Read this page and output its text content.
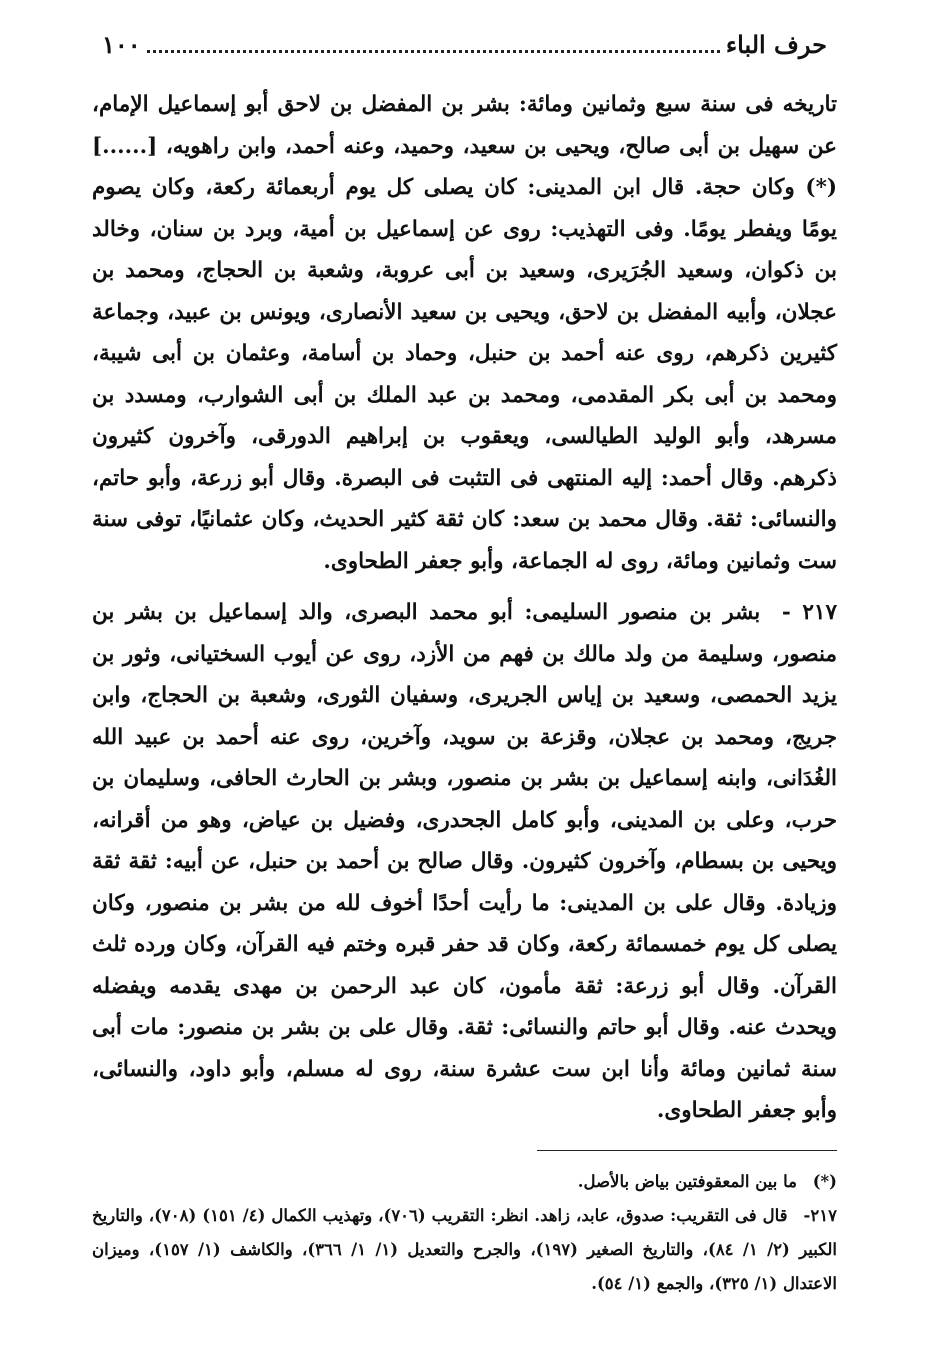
حرف الباء
١٠٠

تاريخه فى سنة سبع وثمانين ومائة: بشر بن المفضل بن لاحق أبو إسماعيل الإمام، عن سهيل بن أبى صالح، ويحيى بن سعيد، وحميد، وعنه أحمد، وابن راهويه، [......](*) وكان حجة. قال ابن المدينى: كان يصلى كل يوم أربعمائة ركعة، وكان يصوم يومًا ويفطر يومًا. وفى التهذيب: روى عن إسماعيل بن أمية، وبرد بن سنان، وخالد بن ذكوان، وسعيد الجُرَيرى، وسعيد بن أبى عروبة، وشعبة بن الحجاج، ومحمد بن عجلان، وأبيه المفضل بن لاحق، ويحيى بن سعيد الأنصارى، ويونس بن عبيد، وجماعة كثيرين ذكرهم، روى عنه أحمد بن حنبل، وحماد بن أسامة، وعثمان بن أبى شيبة، ومحمد بن أبى بكر المقدمى، ومحمد بن عبد الملك بن أبى الشوارب، ومسدد بن مسرهد، وأبو الوليد الطيالسى، ويعقوب بن إبراهيم الدورقى، وآخرون كثيرون ذكرهم. وقال أحمد: إليه المنتهى فى التثبت فى البصرة. وقال أبو زرعة، وأبو حاتم، والنسائى: ثقة. وقال محمد بن سعد: كان ثقة كثير الحديث، وكان عثمانيًا، توفى سنة ست وثمانين ومائة، روى له الجماعة، وأبو جعفر الطحاوى.

٢١٧ - بشر بن منصور السليمى: أبو محمد البصرى، والد إسماعيل بن بشر بن منصور، وسليمة من ولد مالك بن فهم من الأزد، روى عن أيوب السختيانى، وثور بن يزيد الحمصى، وسعيد بن إياس الجريرى، وسفيان الثورى، وشعبة بن الحجاج، وابن جريج، ومحمد بن عجلان، وقزعة بن سويد، وآخرين، روى عنه أحمد بن عبيد الله الغُدَانى، وابنه إسماعيل بن بشر بن منصور، وبشر بن الحارث الحافى، وسليمان بن حرب، وعلى بن المدينى، وأبو كامل الجحدرى، وفضيل بن عياض، وهو من أقرانه، ويحيى بن بسطام، وآخرون كثيرون. وقال صالح بن أحمد بن حنبل، عن أبيه: ثقة ثقة وزيادة. وقال على بن المدينى: ما رأيت أحدًا أخوف لله من بشر بن منصور، وكان يصلى كل يوم خمسمائة ركعة، وكان قد حفر قبره وختم فيه القرآن، وكان ورده ثلث القرآن. وقال أبو زرعة: ثقة مأمون، كان عبد الرحمن بن مهدى يقدمه ويفضله ويحدث عنه. وقال أبو حاتم والنسائى: ثقة. وقال على بن بشر بن منصور: مات أبى سنة ثمانين ومائة وأنا ابن ست عشرة سنة، روى له مسلم، وأبو داود، والنسائى، وأبو جعفر الطحاوى.

(*) ما بين المعقوفتين بياض بالأصل.

٢١٧- قال فى التقريب: صدوق، عابد، زاهد. انظر: التقريب (٧٠٦)، وتهذيب الكمال (٤/ ١٥١) (٧٠٨)، والتاريخ الكبير (٢/ ١/ ٨٤)، والتاريخ الصغير (١٩٧)، والجرح والتعديل (١/ ١/ ٣٦٦)، والكاشف (١/ ١٥٧)، وميزان الاعتدال (١/ ٣٢٥)، والجمع (١/ ٥٤).
